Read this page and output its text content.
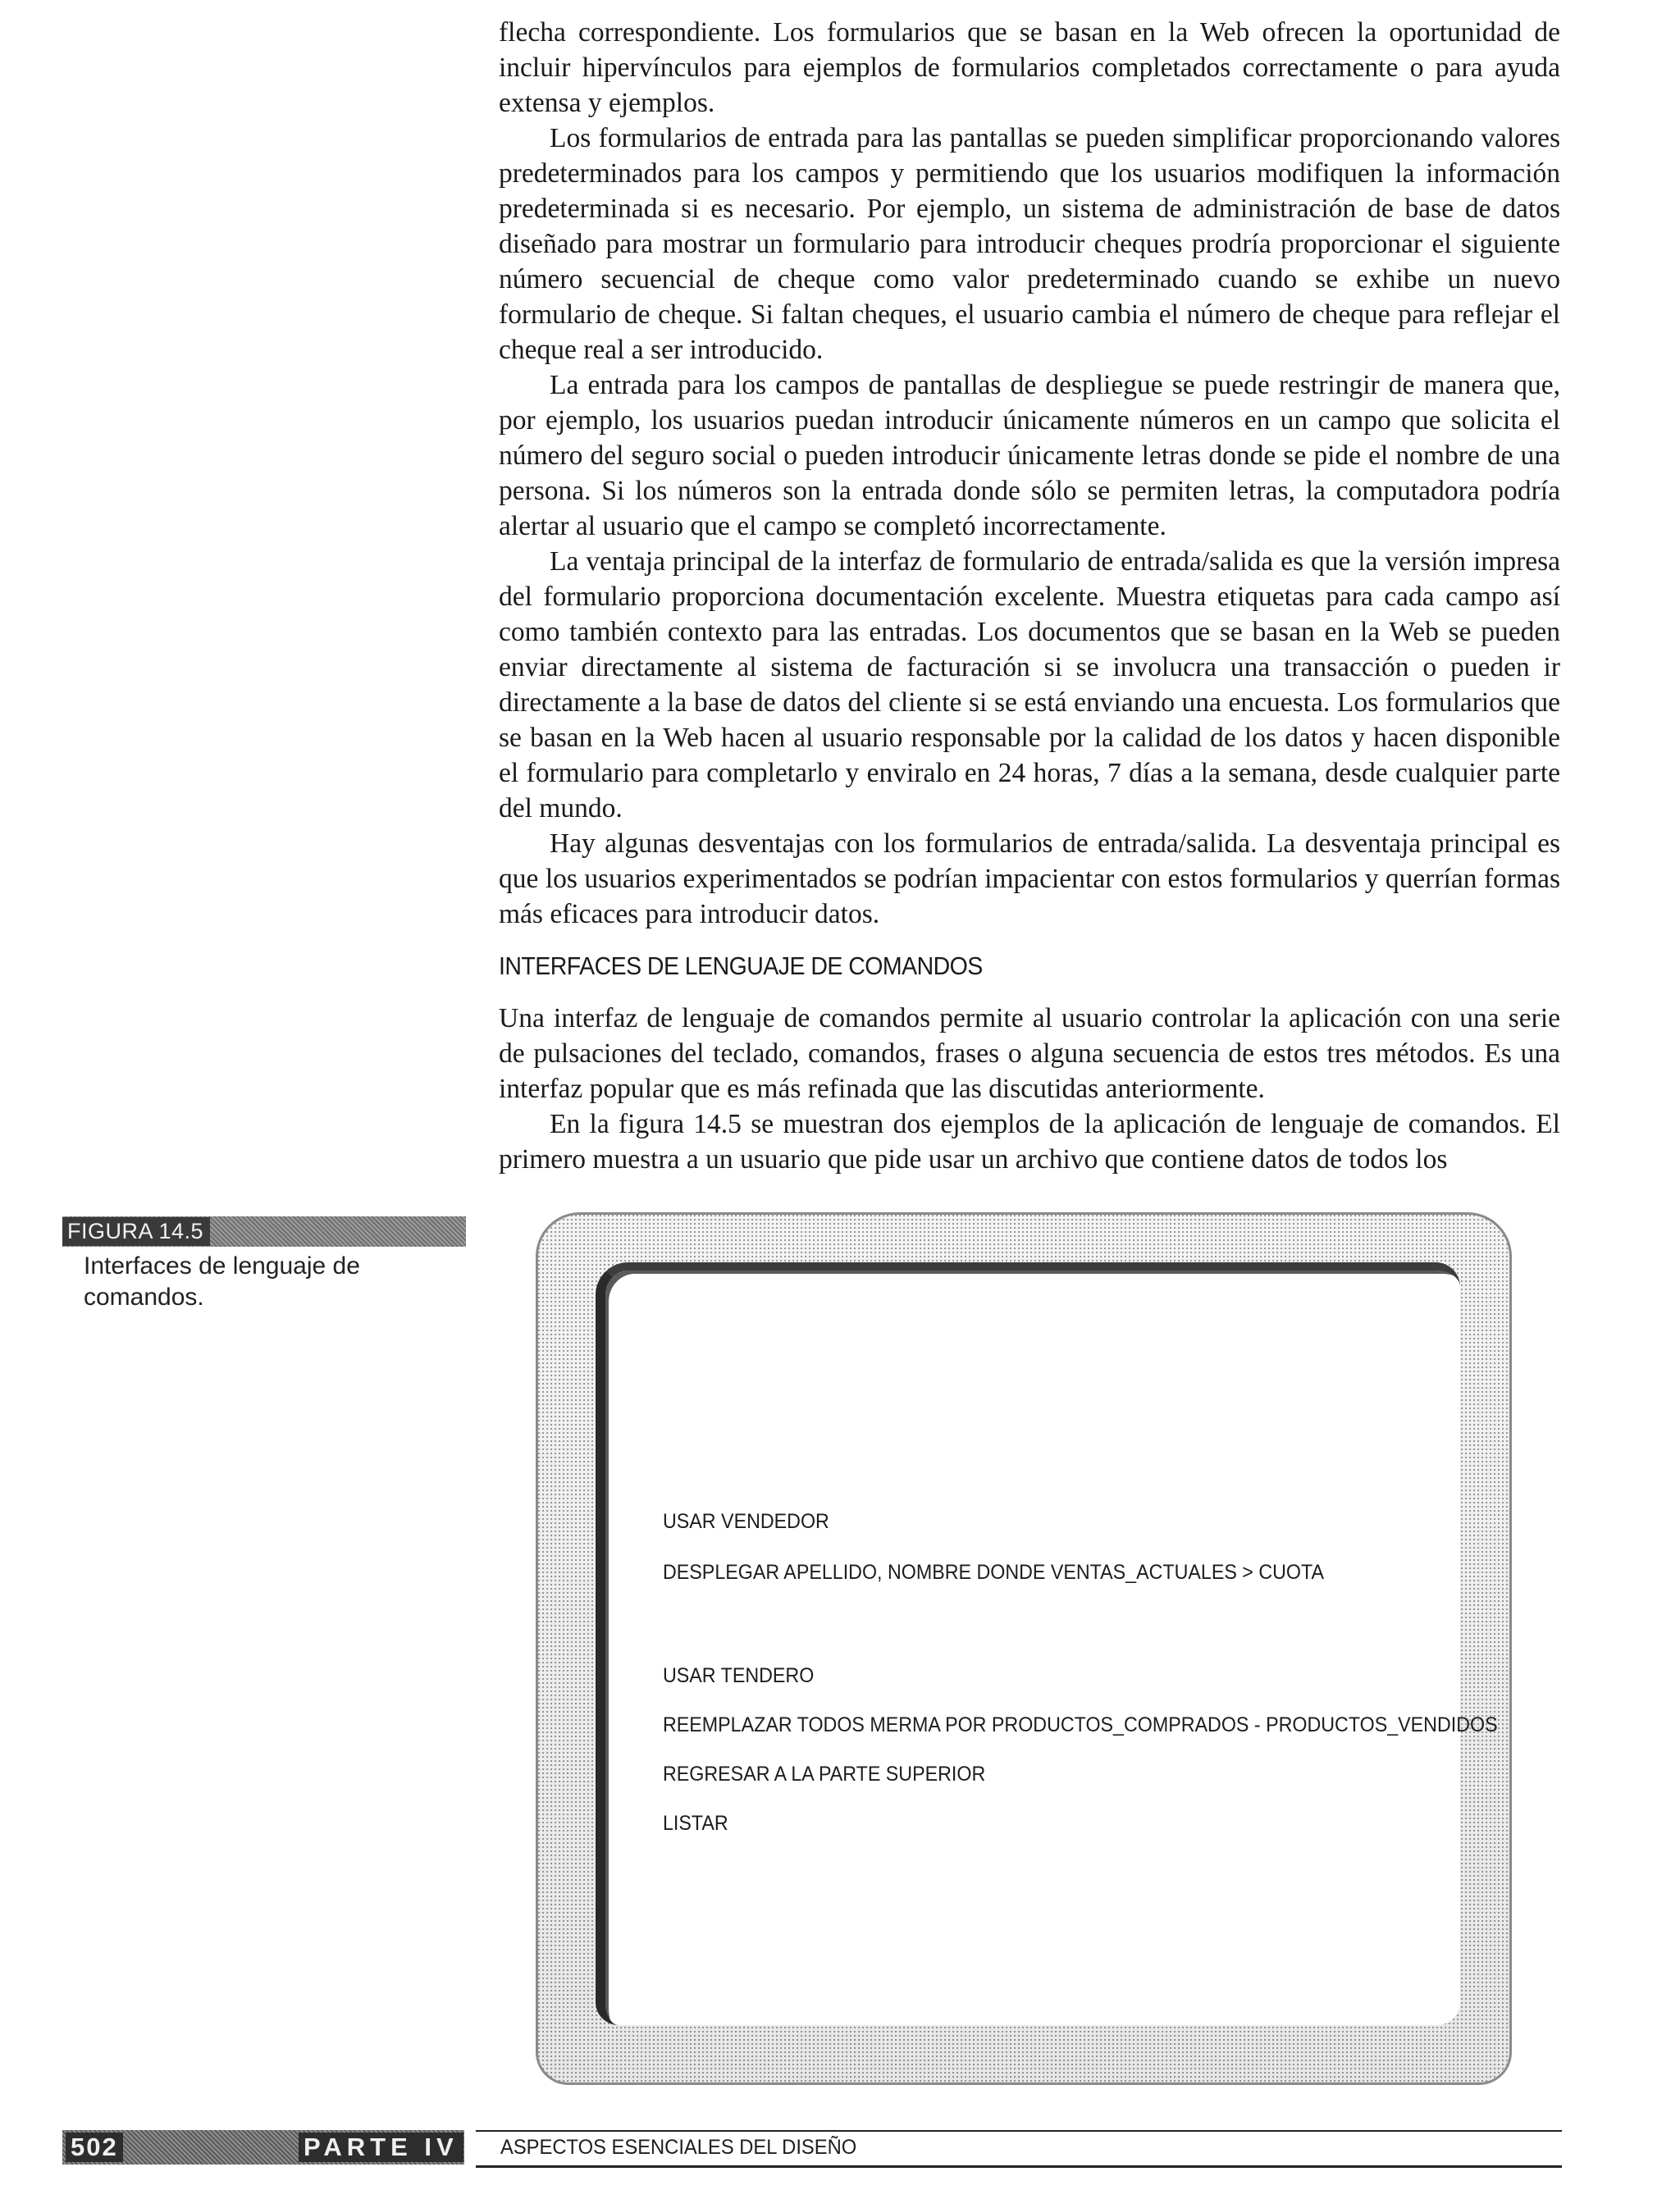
flecha correspondiente. Los formularios que se basan en la Web ofrecen la oportunidad de incluir hipervínculos para ejemplos de formularios completados correctamente o para ayuda extensa y ejemplos.

Los formularios de entrada para las pantallas se pueden simplificar proporcionando valores predeterminados para los campos y permitiendo que los usuarios modifiquen la información predeterminada si es necesario. Por ejemplo, un sistema de administración de base de datos diseñado para mostrar un formulario para introducir cheques prodría proporcionar el siguiente número secuencial de cheque como valor predeterminado cuando se exhibe un nuevo formulario de cheque. Si faltan cheques, el usuario cambia el número de cheque para reflejar el cheque real a ser introducido.

La entrada para los campos de pantallas de despliegue se puede restringir de manera que, por ejemplo, los usuarios puedan introducir únicamente números en un campo que solicita el número del seguro social o pueden introducir únicamente letras donde se pide el nombre de una persona. Si los números son la entrada donde sólo se permiten letras, la computadora podría alertar al usuario que el campo se completó incorrectamente.

La ventaja principal de la interfaz de formulario de entrada/salida es que la versión impresa del formulario proporciona documentación excelente. Muestra etiquetas para cada campo así como también contexto para las entradas. Los documentos que se basan en la Web se pueden enviar directamente al sistema de facturación si se involucra una transacción o pueden ir directamente a la base de datos del cliente si se está enviando una encuesta. Los formularios que se basan en la Web hacen al usuario responsable por la calidad de los datos y hacen disponible el formulario para completarlo y enviralo en 24 horas, 7 días a la semana, desde cualquier parte del mundo.

Hay algunas desventajas con los formularios de entrada/salida. La desventaja principal es que los usuarios experimentados se podrían impacientar con estos formularios y querrían formas más eficaces para introducir datos.

INTERFACES DE LENGUAJE DE COMANDOS

Una interfaz de lenguaje de comandos permite al usuario controlar la aplicación con una serie de pulsaciones del teclado, comandos, frases o alguna secuencia de estos tres métodos. Es una interfaz popular que es más refinada que las discutidas anteriormente.

En la figura 14.5 se muestran dos ejemplos de la aplicación de lenguaje de comandos. El primero muestra a un usuario que pide usar un archivo que contiene datos de todos los

FIGURA 14.5
Interfaces de lenguaje de comandos.

USAR VENDEDOR

DESPLEGAR APELLIDO, NOMBRE DONDE VENTAS_ACTUALES > CUOTA

USAR TENDERO

REEMPLAZAR TODOS MERMA POR PRODUCTOS_COMPRADOS - PRODUCTOS_VENDIDOS

REGRESAR A LA PARTE SUPERIOR

LISTAR

502	PARTE IV ASPECTOS ESENCIALES DEL DISEÑO
